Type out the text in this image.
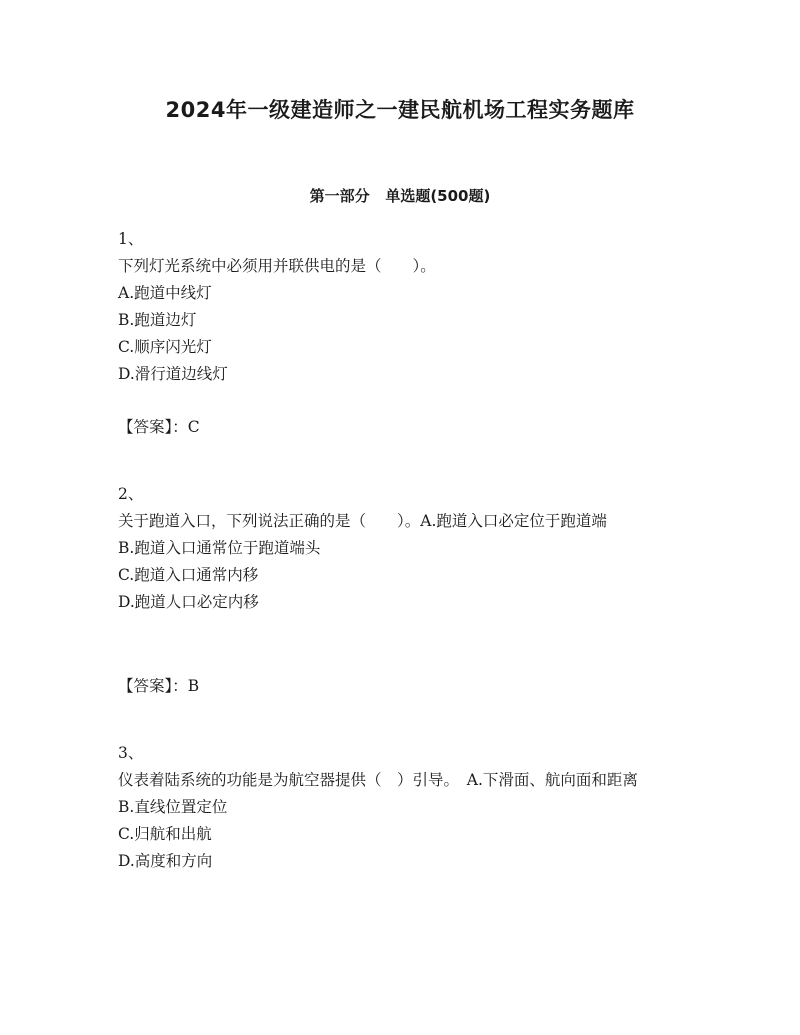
2024年一级建造师之一建民航机场工程实务题库
第一部分 单选题(500题)
1、
下列灯光系统中必须用并联供电的是（　　）。
A.跑道中线灯
B.跑道边灯
C.顺序闪光灯
D.滑行道边线灯
【答案】：C
2、
关于跑道入口，下列说法正确的是（　　）。A.跑道入口必定位于跑道端
B.跑道入口通常位于跑道端头
C.跑道入口通常内移
D.跑道人口必定内移
【答案】：B
3、
仪表着陆系统的功能是为航空器提供（　）引导。　A.下滑面、航向面和距离
B.直线位置定位
C.归航和出航
D.高度和方向
